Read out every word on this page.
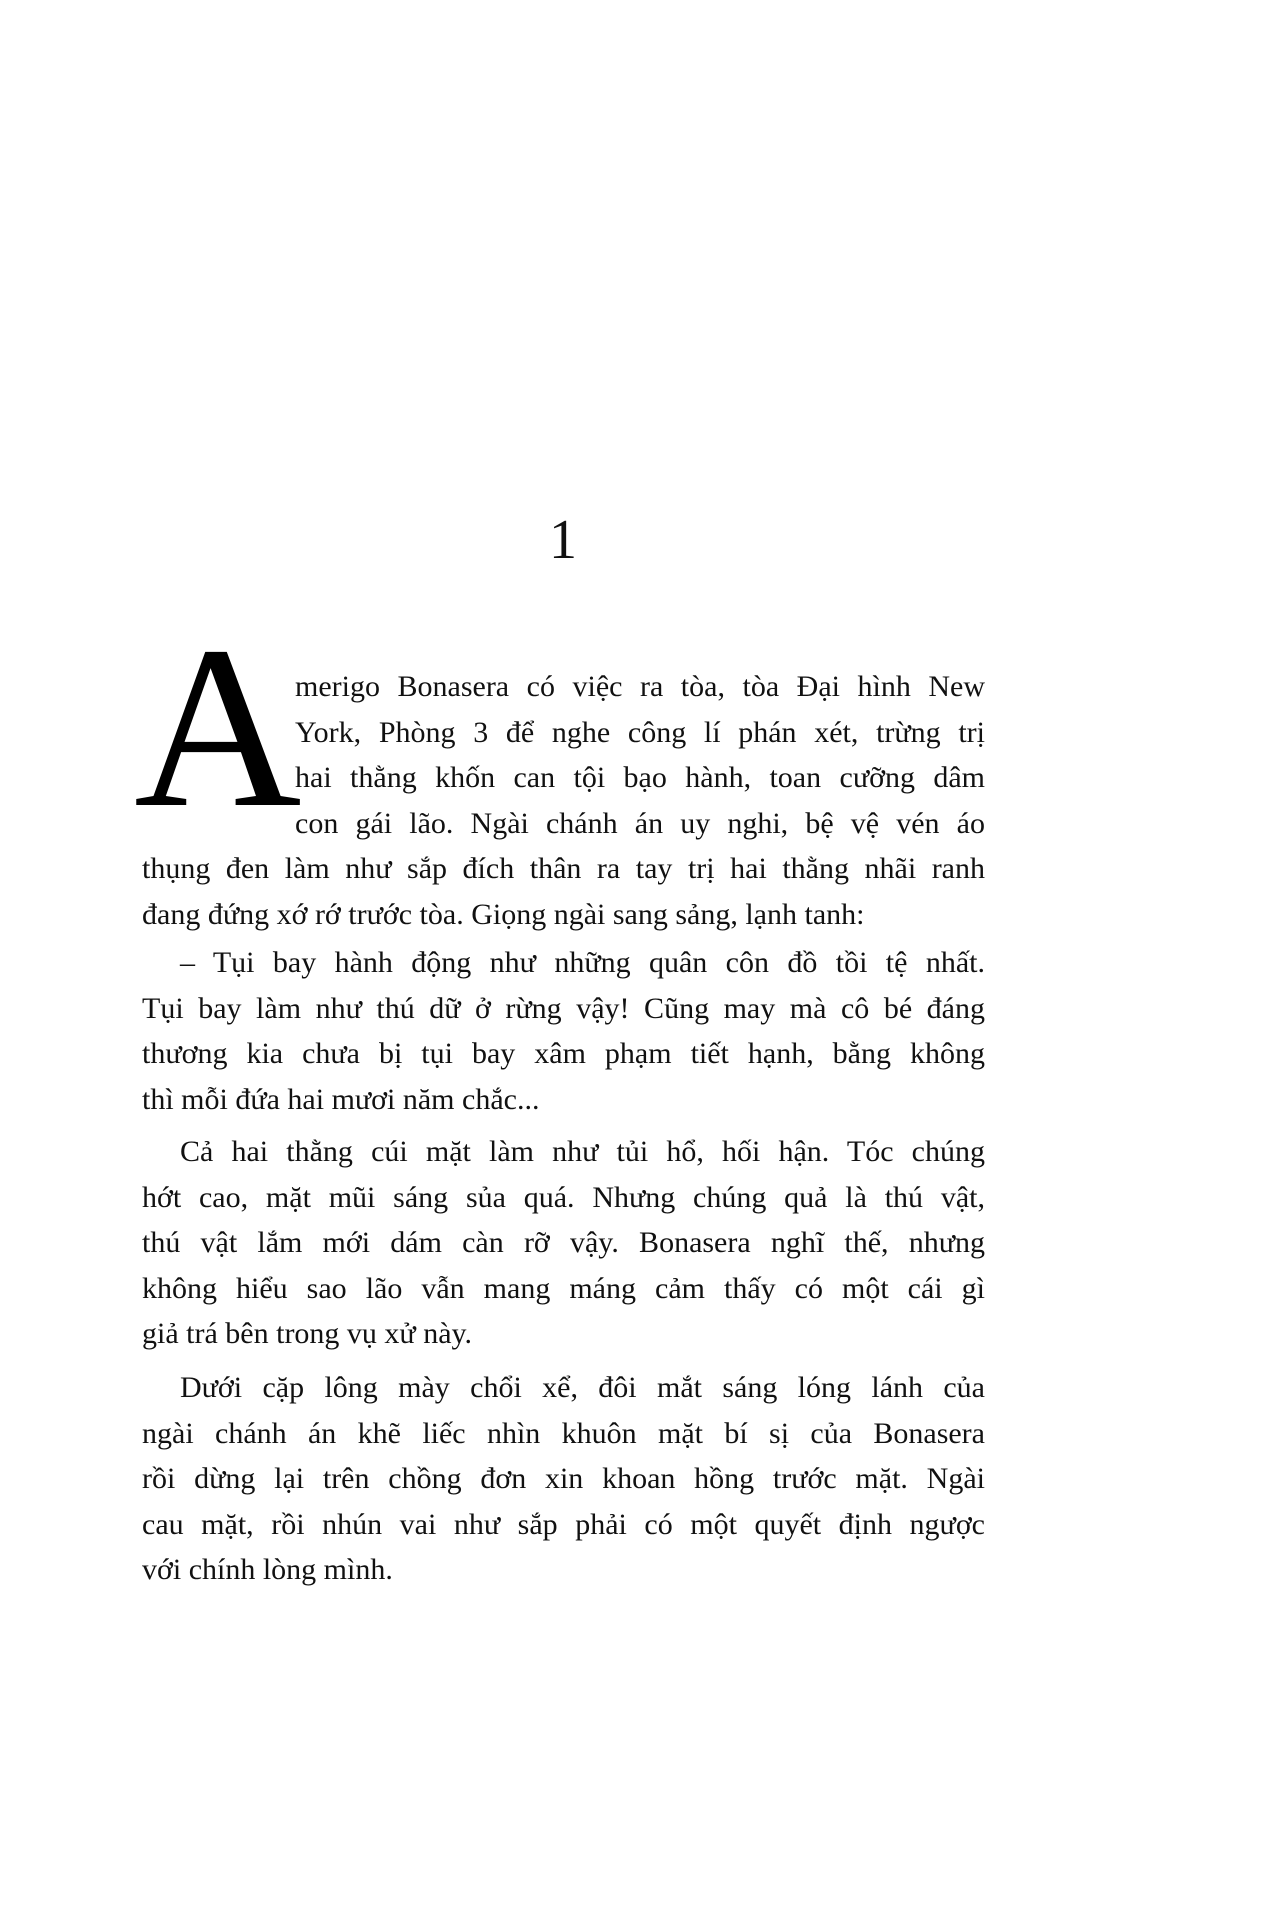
1
A
merigo Bonasera có việc ra tòa, tòa Đại hình New
York, Phòng 3 để nghe công lí phán xét, trừng trị
hai thằng khốn can tội bạo hành, toan cưỡng dâm
con gái lão. Ngài chánh án uy nghi, bệ vệ vén áo
thụng đen làm như sắp đích thân ra tay trị hai thằng nhãi ranh
đang đứng xớ rớ trước tòa. Giọng ngài sang sảng, lạnh tanh:
– Tụi bay hành động như những quân côn đồ tồi tệ nhất.
Tụi bay làm như thú dữ ở rừng vậy! Cũng may mà cô bé đáng
thương kia chưa bị tụi bay xâm phạm tiết hạnh, bằng không
thì mỗi đứa hai mươi năm chắc...
Cả hai thằng cúi mặt làm như tủi hổ, hối hận. Tóc chúng
hớt cao, mặt mũi sáng sủa quá. Nhưng chúng quả là thú vật,
thú vật lắm mới dám càn rỡ vậy. Bonasera nghĩ thế, nhưng
không hiểu sao lão vẫn mang máng cảm thấy có một cái gì
giả trá bên trong vụ xử này.
Dưới cặp lông mày chổi xể, đôi mắt sáng lóng lánh của
ngài chánh án khẽ liếc nhìn khuôn mặt bí sị của Bonasera
rồi dừng lại trên chồng đơn xin khoan hồng trước mặt. Ngài
cau mặt, rồi nhún vai như sắp phải có một quyết định ngược
với chính lòng mình.
